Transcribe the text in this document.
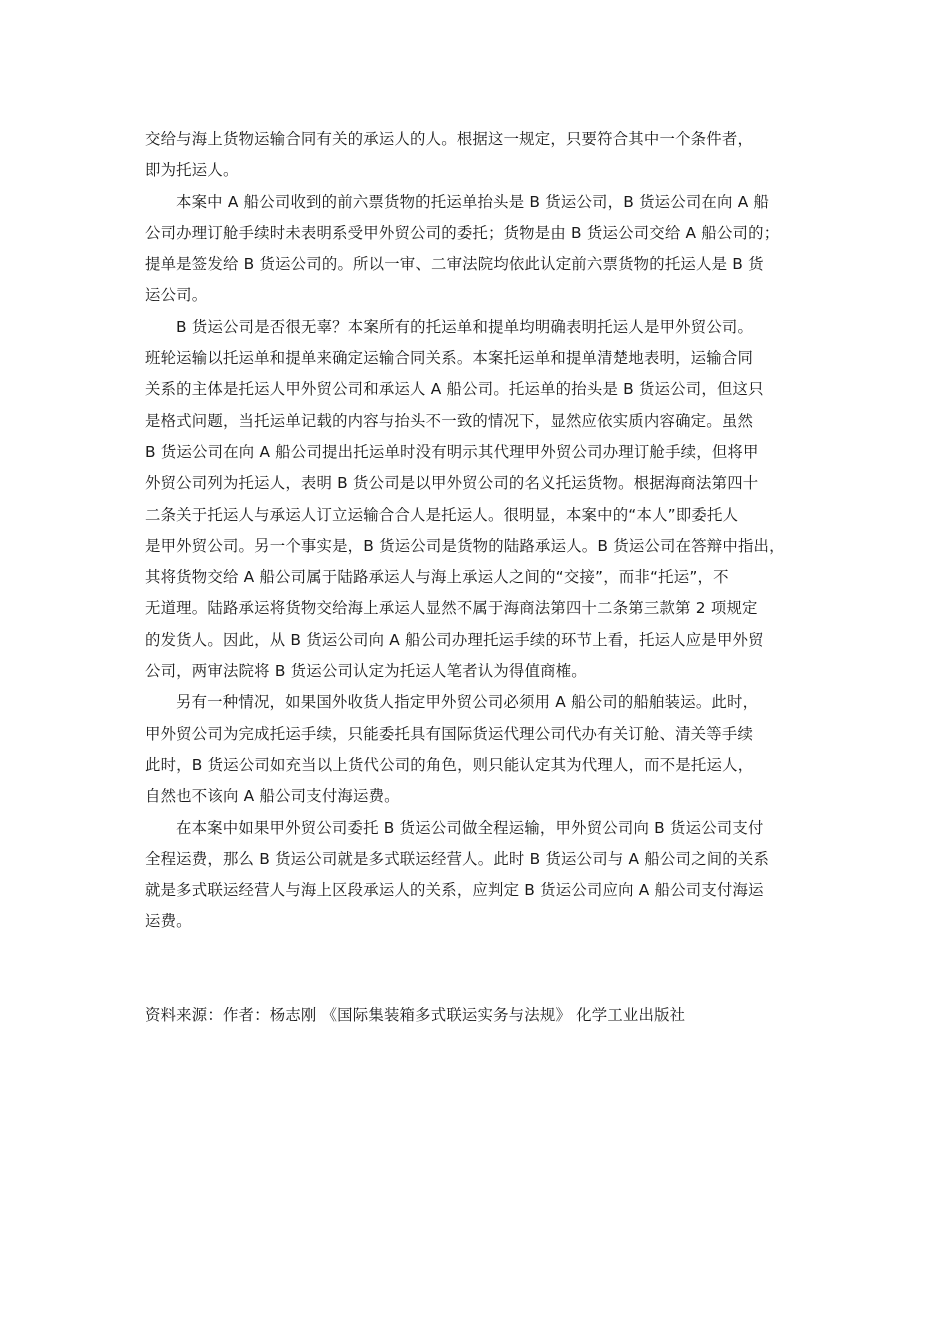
交给与海上货物运输合同有关的承运人的人。根据这一规定，只要符合其中一个条件者，
即为托运人。
本案中 A 船公司收到的前六票货物的托运单抬头是 B 货运公司，B 货运公司在向 A 船
公司办理订舱手续时未表明系受甲外贸公司的委托；货物是由 B 货运公司交给 A 船公司的；
提单是签发给 B 货运公司的。所以一审、二审法院均依此认定前六票货物的托运人是 B 货
运公司。
B 货运公司是否很无辜？本案所有的托运单和提单均明确表明托运人是甲外贸公司。
班轮运输以托运单和提单来确定运输合同关系。本案托运单和提单清楚地表明，运输合同
关系的主体是托运人甲外贸公司和承运人 A 船公司。托运单的抬头是 B 货运公司，但这只
是格式问题，当托运单记载的内容与抬头不一致的情况下，显然应依实质内容确定。虽然
B 货运公司在向 A 船公司提出托运单时没有明示其代理甲外贸公司办理订舱手续，但将甲
外贸公司列为托运人，表明 B 货公司是以甲外贸公司的名义托运货物。根据海商法第四十
二条关于托运人与承运人订立运输合合人是托运人。很明显，本案中的“本人”即委托人
是甲外贸公司。另一个事实是，B 货运公司是货物的陆路承运人。B 货运公司在答辩中指出，
其将货物交给 A 船公司属于陆路承运人与海上承运人之间的“交接”，而非“托运”，不
无道理。陆路承运将货物交给海上承运人显然不属于海商法第四十二条第三款第 2 项规定
的发货人。因此，从 B 货运公司向 A 船公司办理托运手续的环节上看，托运人应是甲外贸
公司，两审法院将 B 货运公司认定为托运人笔者认为得值商榷。
另有一种情况，如果国外收货人指定甲外贸公司必须用 A 船公司的船舶装运。此时，
甲外贸公司为完成托运手续，只能委托具有国际货运代理公司代办有关订舱、清关等手续
此时，B 货运公司如充当以上货代公司的角色，则只能认定其为代理人，而不是托运人，
自然也不该向 A 船公司支付海运费。
在本案中如果甲外贸公司委托 B 货运公司做全程运输，甲外贸公司向 B 货运公司支付
全程运费，那么 B 货运公司就是多式联运经营人。此时 B 货运公司与 A 船公司之间的关系
就是多式联运经营人与海上区段承运人的关系，应判定 B 货运公司应向 A 船公司支付海运
运费。
资料来源：作者：杨志刚 《国际集装箱多式联运实务与法规》 化学工业出版社
